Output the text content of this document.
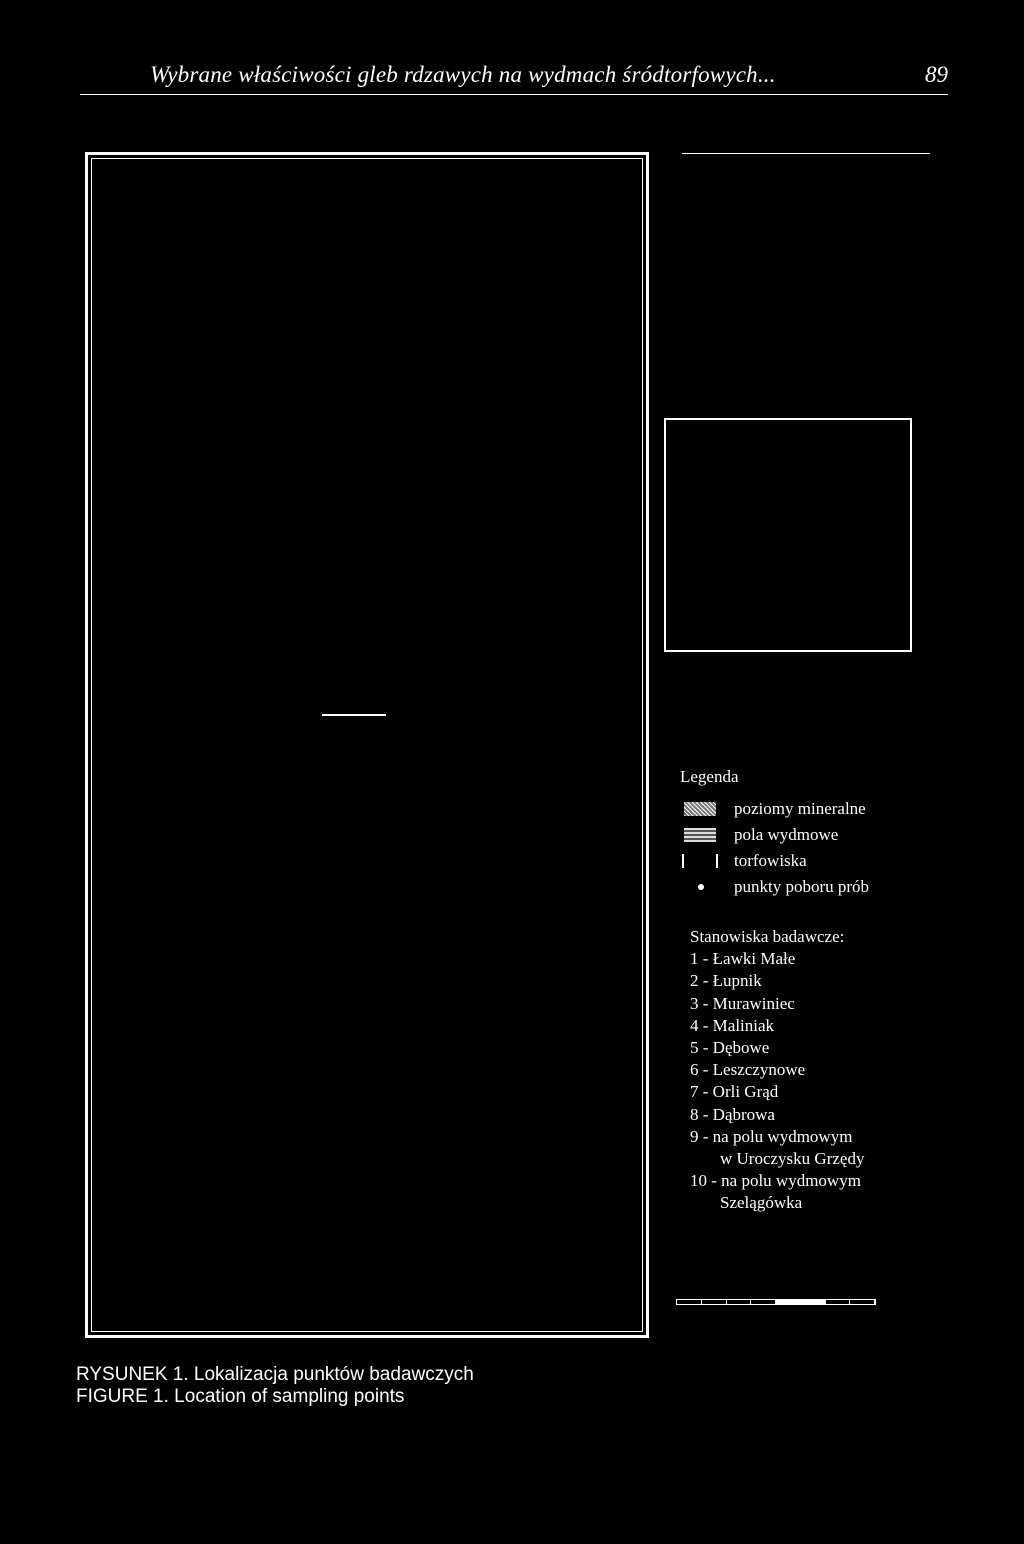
Wybrane właściwości gleb rdzawych na wydmach śródtorfowych...	89
Legenda
poziomy mineralne
pola wydmowe
torfowiska
punkty poboru prób
Stanowiska badawcze:
1 - Ławki Małe
2 - Łupnik
3 - Murawiniec
4 - Maliniak
5 - Dębowe
6 - Leszczynowe
7 - Orli Grąd
8 - Dąbrowa
9 - na polu wydmowym
w Uroczysku Grzędy
10 - na polu wydmowym
Szelągówka
RYSUNEK 1. Lokalizacja punktów badawczych
FIGURE 1. Location of sampling points
